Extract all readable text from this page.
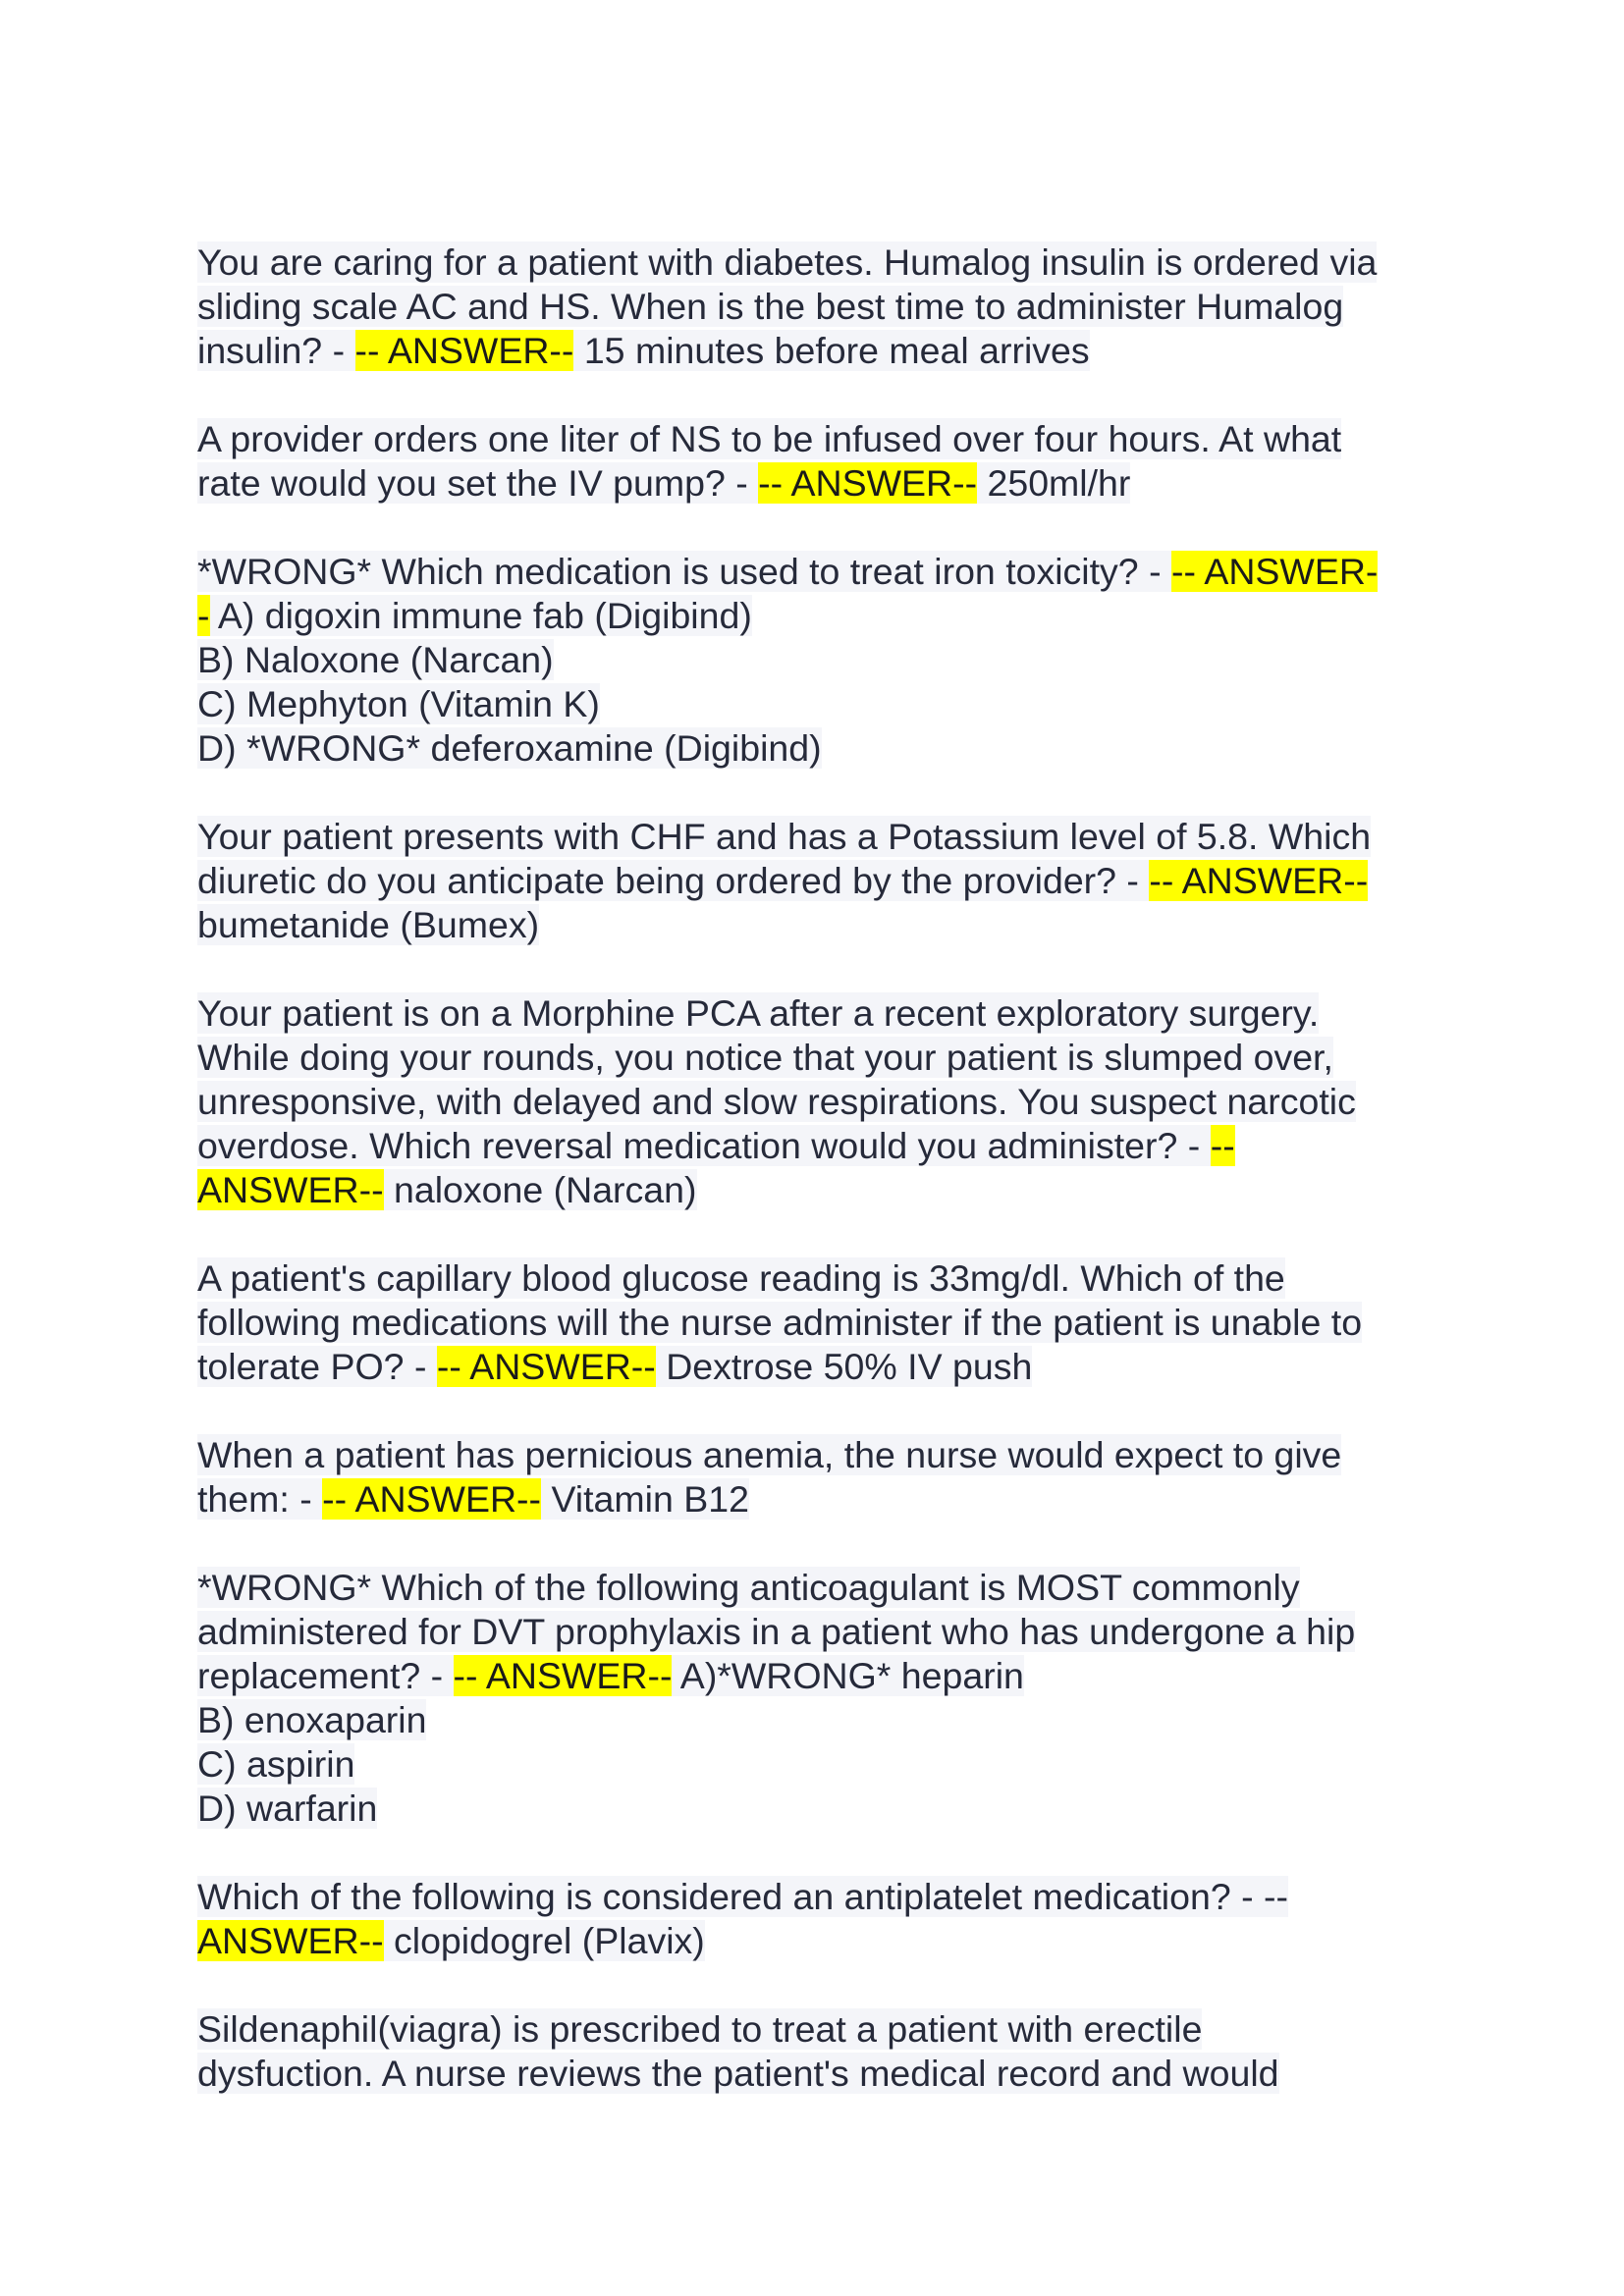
You are caring for a patient with diabetes. Humalog insulin is ordered via
sliding scale AC and HS. When is the best time to administer Humalog
insulin? - -- ANSWER-- 15 minutes before meal arrives
A provider orders one liter of NS to be infused over four hours. At what
rate would you set the IV pump? - -- ANSWER-- 250ml/hr
*WRONG* Which medication is used to treat iron toxicity? - -- ANSWER-
- A) digoxin immune fab (Digibind)
B) Naloxone (Narcan)
C) Mephyton (Vitamin K)
D) *WRONG* deferoxamine (Digibind)
Your patient presents with CHF and has a Potassium level of 5.8. Which
diuretic do you anticipate being ordered by the provider? - -- ANSWER--
bumetanide (Bumex)
Your patient is on a Morphine PCA after a recent exploratory surgery.
While doing your rounds, you notice that your patient is slumped over,
unresponsive, with delayed and slow respirations. You suspect narcotic
overdose. Which reversal medication would you administer? - --
ANSWER-- naloxone (Narcan)
A patient's capillary blood glucose reading is 33mg/dl. Which of the
following medications will the nurse administer if the patient is unable to
tolerate PO? - -- ANSWER-- Dextrose 50% IV push
When a patient has pernicious anemia, the nurse would expect to give
them: - -- ANSWER-- Vitamin B12
*WRONG* Which of the following anticoagulant is MOST commonly
administered for DVT prophylaxis in a patient who has undergone a hip
replacement? - -- ANSWER-- A)*WRONG* heparin
B) enoxaparin
C) aspirin
D) warfarin
Which of the following is considered an antiplatelet medication? - --
ANSWER-- clopidogrel (Plavix)
Sildenaphil(viagra) is prescribed to treat a patient with erectile
dysfuction. A nurse reviews the patient's medical record and would
